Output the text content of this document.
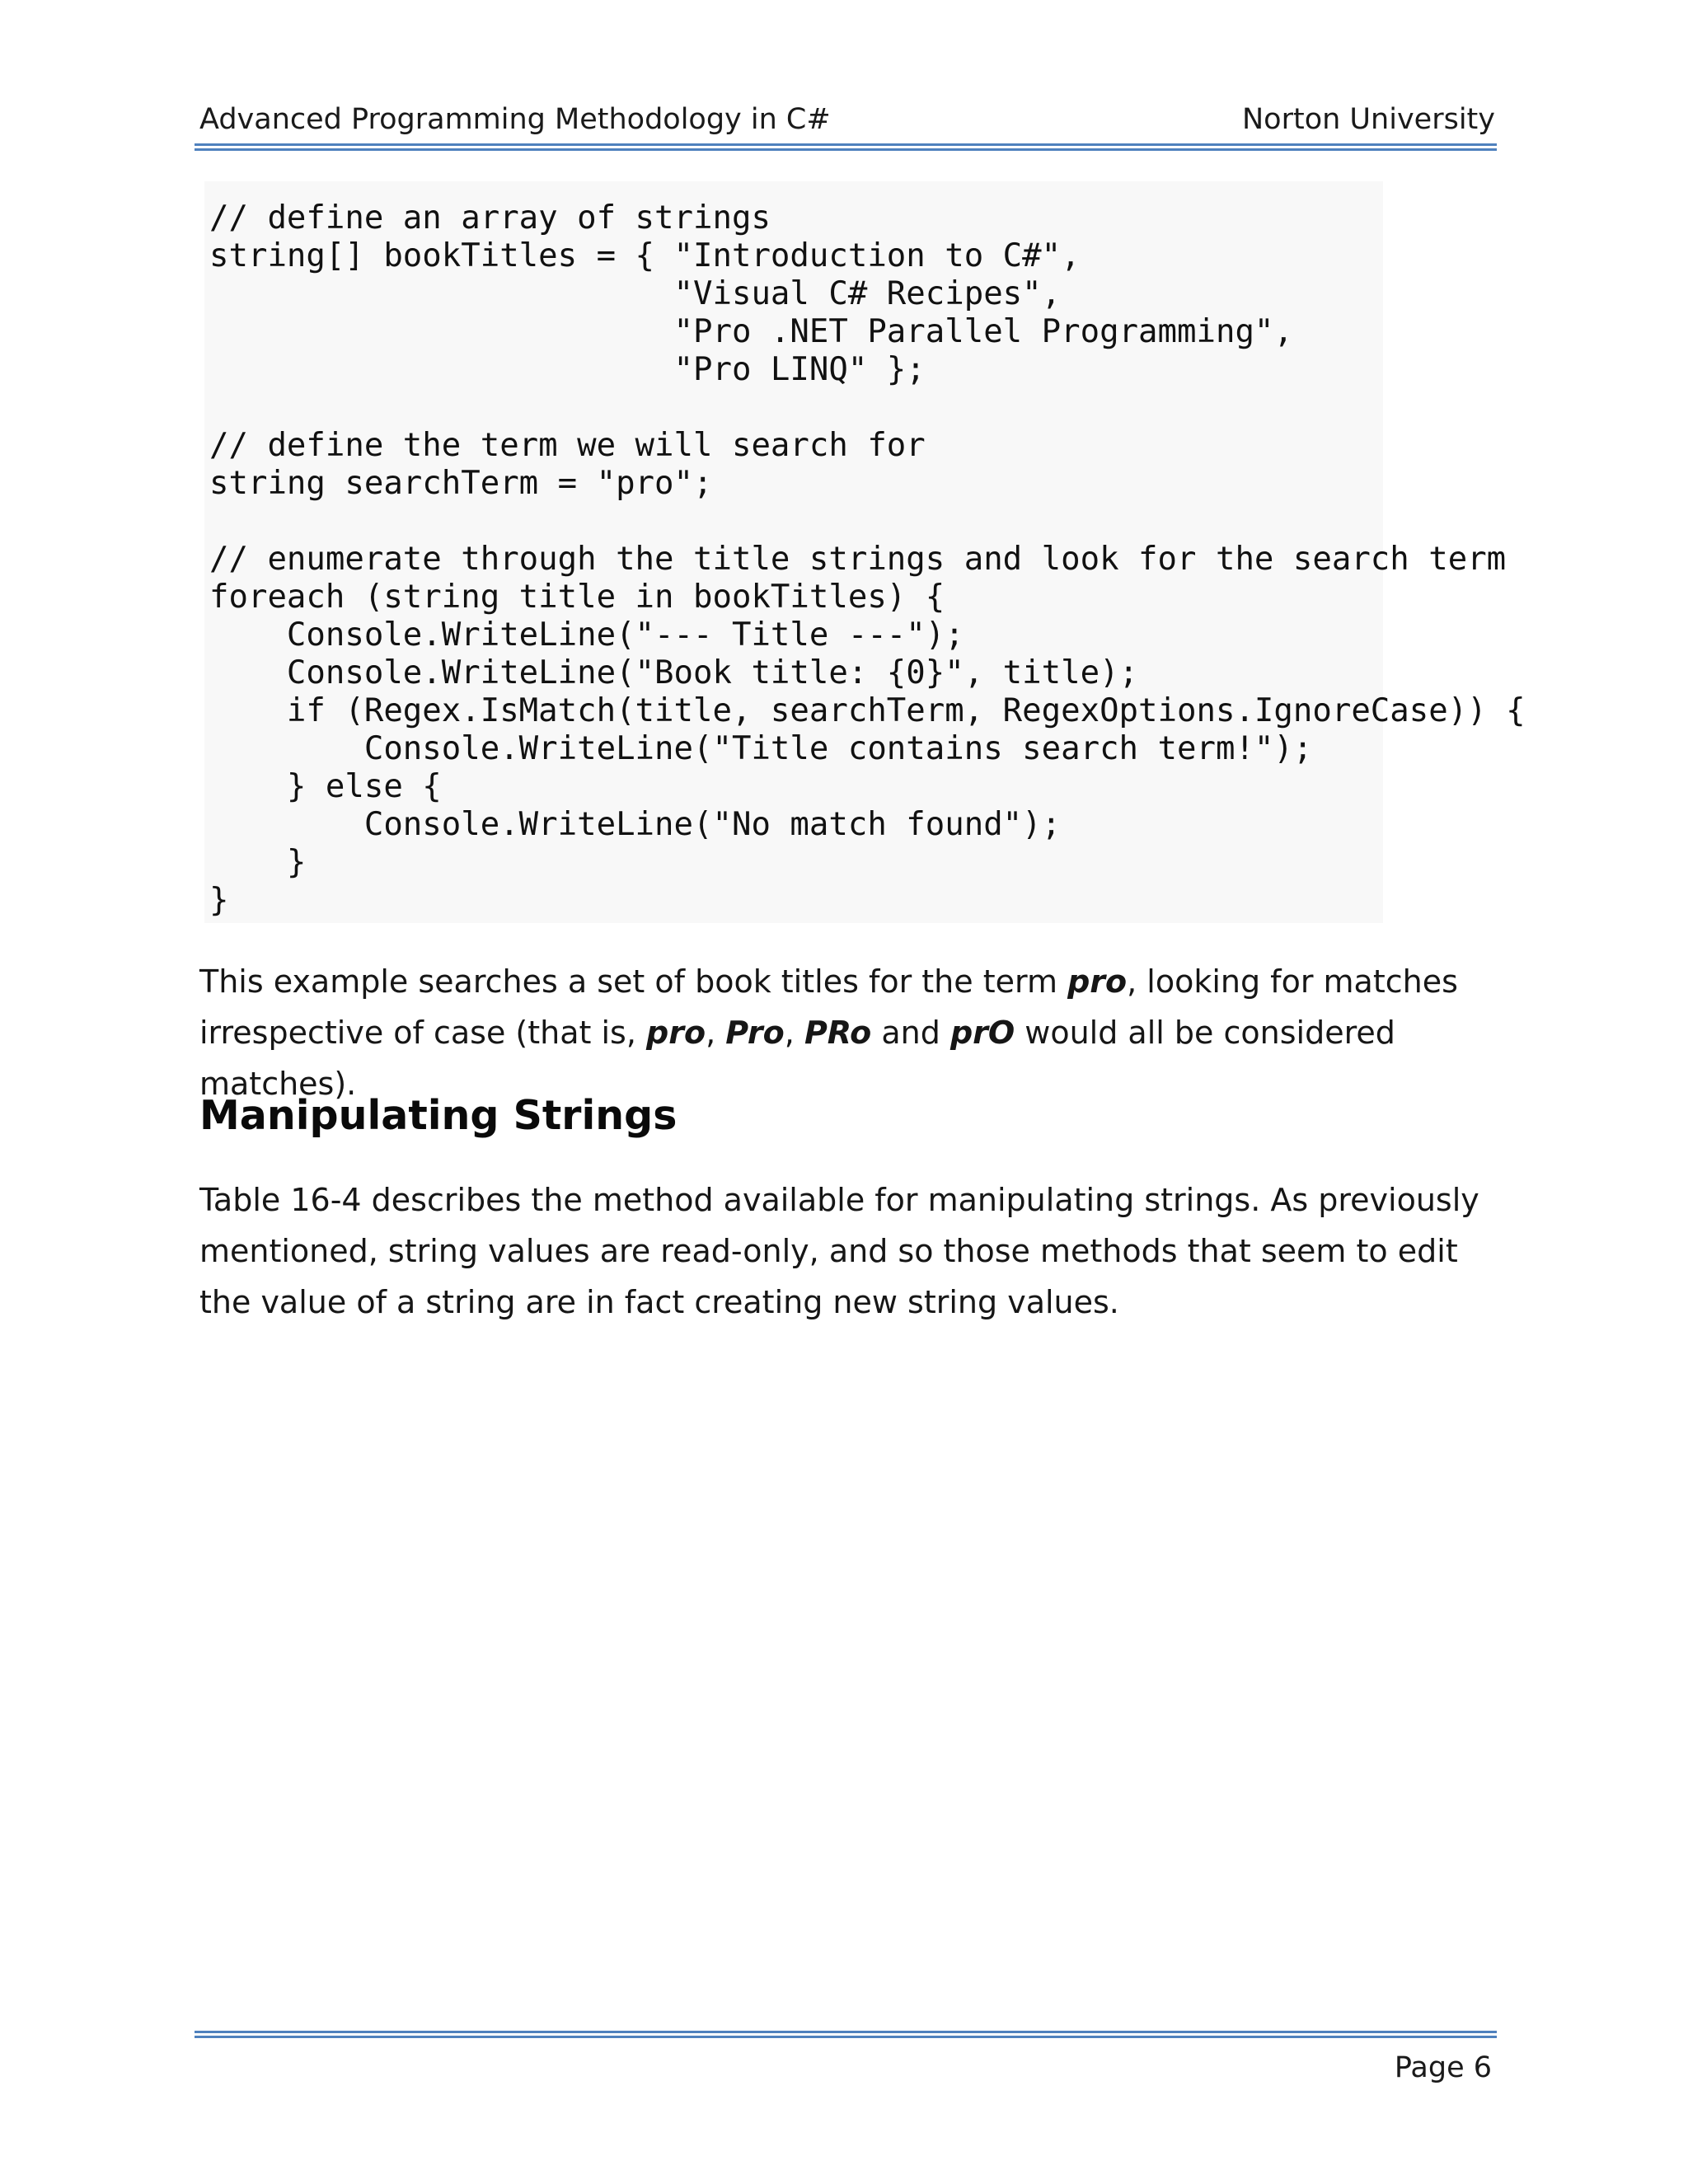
Advanced Programming Methodology in C#	Norton University
// define an array of strings
string[] bookTitles = { "Introduction to C#",
"Visual C# Recipes",
"Pro .NET Parallel Programming",
"Pro LINQ" };
// define the term we will search for
string searchTerm = "pro";
// enumerate through the title strings and look for the search term
foreach (string title in bookTitles) {
Console.WriteLine("--- Title ---");
Console.WriteLine("Book title: {0}", title);
if (Regex.IsMatch(title, searchTerm, RegexOptions.IgnoreCase)) {
Console.WriteLine("Title contains search term!");
} else {
Console.WriteLine("No match found");
}
}

This example searches a set of book titles for the term pro, looking for matches irrespective of case (that is, pro, Pro, PRo and prO would all be considered matches).

Manipulating Strings

Table 16-4 describes the method available for manipulating strings. As previously mentioned, string values are read-only, and so those methods that seem to edit the value of a string are in fact creating new string values.

Page 6
